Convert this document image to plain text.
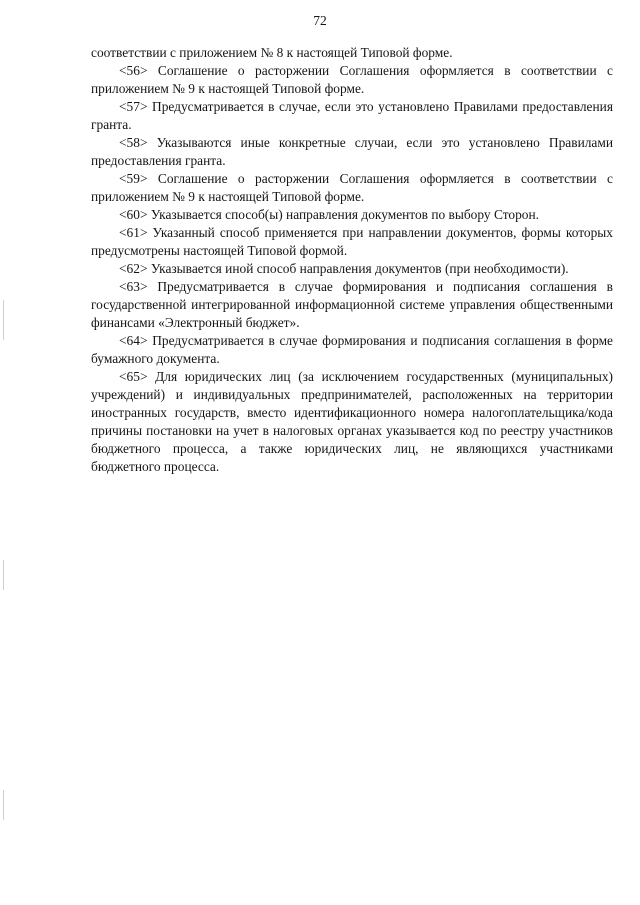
72

соответствии с приложением № 8 к настоящей Типовой форме.

<56> Соглашение о расторжении Соглашения оформляется в соответствии с приложением № 9 к настоящей Типовой форме.

<57> Предусматривается в случае, если это установлено Правилами предоставления гранта.

<58> Указываются иные конкретные случаи, если это установлено Правилами предоставления гранта.

<59> Соглашение о расторжении Соглашения оформляется в соответствии с приложением № 9 к настоящей Типовой форме.

<60> Указывается способ(ы) направления документов по выбору Сторон.

<61> Указанный способ применяется при направлении документов, формы которых предусмотрены настоящей Типовой формой.

<62> Указывается иной способ направления документов (при необходимости).

<63> Предусматривается в случае формирования и подписания соглашения в государственной интегрированной информационной системе управления общественными финансами «Электронный бюджет».

<64> Предусматривается в случае формирования и подписания соглашения в форме бумажного документа.

<65> Для юридических лиц (за исключением государственных (муниципальных) учреждений) и индивидуальных предпринимателей, расположенных на территории иностранных государств, вместо идентификационного номера налогоплательщика/кода причины постановки на учет в налоговых органах указывается код по реестру участников бюджетного процесса, а также юридических лиц, не являющихся участниками бюджетного процесса.
